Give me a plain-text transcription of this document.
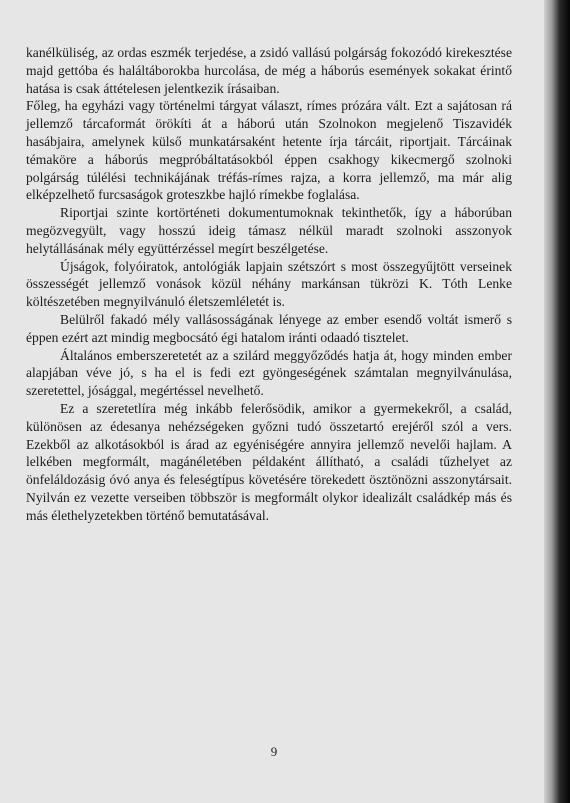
kanélküliség, az ordas eszmék terjedése, a zsidó vallású polgárság fokozódó kirekesztése majd gettóba és haláltáborokba hurcolása, de még a háborús események sokakat érintő hatása is csak áttételesen jelentkezik írásaiban.

Főleg, ha egyházi vagy történelmi tárgyat választ, rímes prózára vált. Ezt a sajátosan rá jellemző tárcaformát örökíti át a háború után Szolnokon megjelenő Tiszavidék hasábjaira, amelynek külső munkatársaként hetente írja tárcáit, riportjait. Tárcáinak témaköre a háborús megpróbáltatásokból éppen csakhogy kikecmergő szolnoki polgárság túlélési technikájának tréfás-rímes rajza, a korra jellemző, ma már alig elképzelhető furcsaságok groteszkbe hajló rímekbe foglalása.

Riportjai szinte kortörténeti dokumentumoknak tekinthetők, így a háborúban megözvegyült, vagy hosszú ideig támasz nélkül maradt szolnoki asszonyok helytállásának mély együttérzéssel megírt beszélgetése.

Újságok, folyóiratok, antológiák lapjain szétszórt s most összegyűjtött verseinek összességét jellemző vonások közül néhány markánsan tükrözi K. Tóth Lenke költészetében megnyilvánuló életszemléletét is.

Belülről fakadó mély vallásosságának lényege az ember esendő voltát ismerő s éppen ezért azt mindig megbocsátó égi hatalom iránti odaadó tisztelet.

Általános emberszeretetét az a szilárd meggyőződés hatja át, hogy minden ember alapjában véve jó, s ha el is fedi ezt gyöngeségének számtalan megnyilvánulása, szeretettel, jósággal, megértéssel nevelhető.

Ez a szeretetlíra még inkább felerősödik, amikor a gyermekekről, a család, különösen az édesanya nehézségeken győzni tudó összetartó erejéről szól a vers. Ezekből az alkotásokból is árad az egyéniségére annyira jellemző nevelői hajlam. A lelkében megformált, magánéletében példaként állítható, a családi tűzhelyet az önfeláldozásig óvó anya és feleségtípus követésére törekedett ösztönözni asszonytársait. Nyilván ez vezette verseiben többször is megformált olykor idealizált családkép más és más élethelyzetekben történő bemutatásával.

9
